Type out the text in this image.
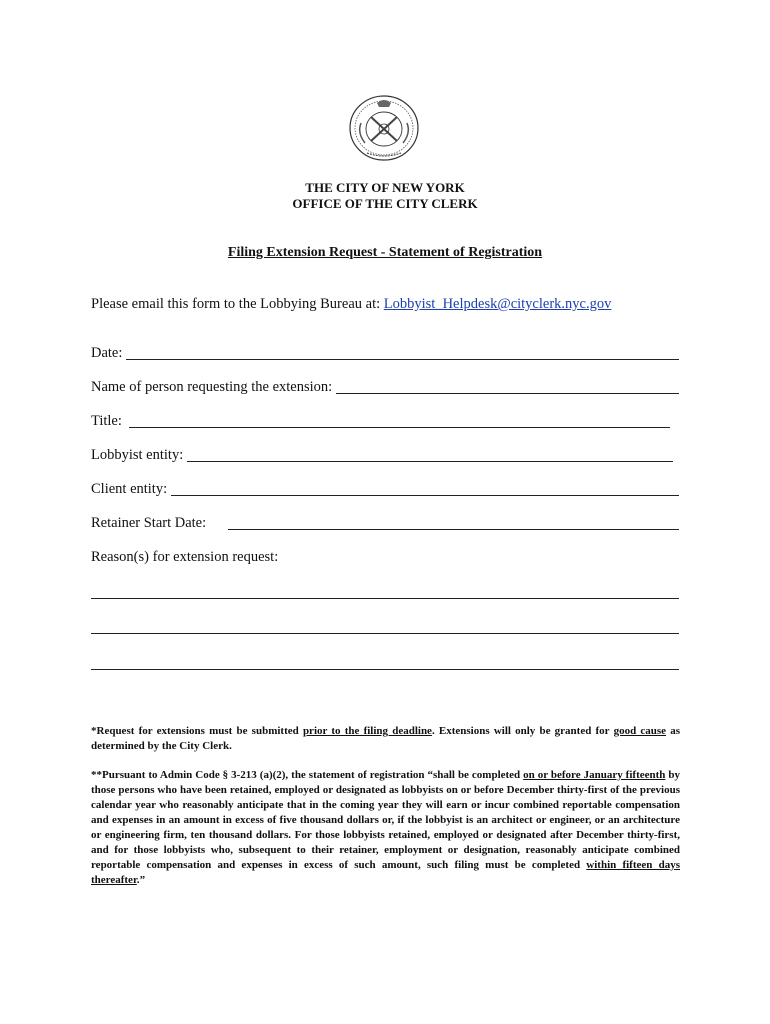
THE CITY OF NEW YORK
OFFICE OF THE CITY CLERK
Filing Extension Request - Statement of Registration
Please email this form to the Lobbying Bureau at: Lobbyist_Helpdesk@cityclerk.nyc.gov
Date:
Name of person requesting the extension:
Title:
Lobbyist entity:
Client entity:
Retainer Start Date:
Reason(s) for extension request:
*Request for extensions must be submitted prior to the filing deadline. Extensions will only be granted for good cause as determined by the City Clerk.
**Pursuant to Admin Code § 3-213 (a)(2), the statement of registration “shall be completed on or before January fifteenth by those persons who have been retained, employed or designated as lobbyists on or before December thirty-first of the previous calendar year who reasonably anticipate that in the coming year they will earn or incur combined reportable compensation and expenses in an amount in excess of five thousand dollars or, if the lobbyist is an architect or engineer, or an architecture or engineering firm, ten thousand dollars. For those lobbyists retained, employed or designated after December thirty-first, and for those lobbyists who, subsequent to their retainer, employment or designation, reasonably anticipate combined reportable compensation and expenses in excess of such amount, such filing must be completed within fifteen days thereafter.”
